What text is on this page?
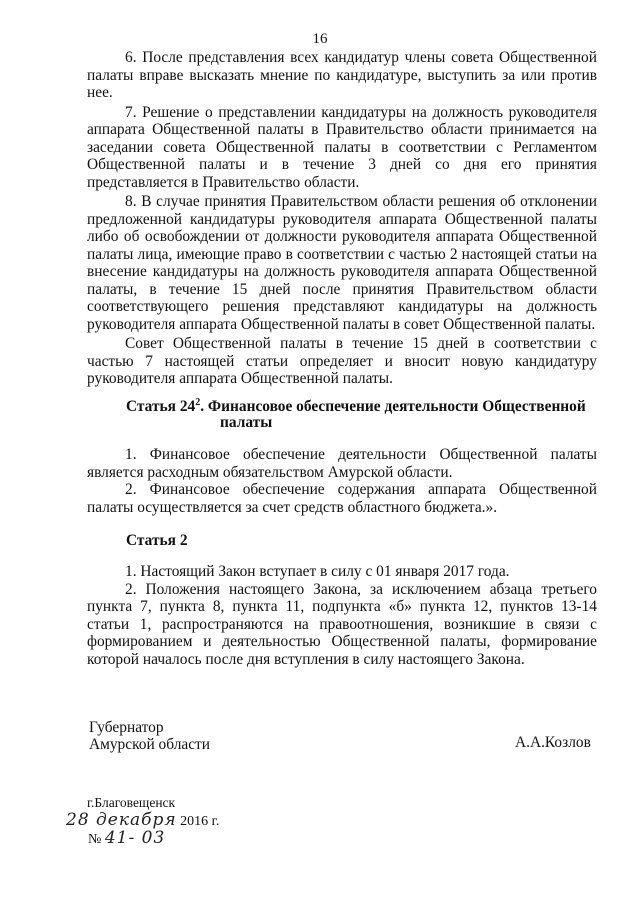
16

6. После представления всех кандидатур члены совета Общественной палаты вправе высказать мнение по кандидатуре, выступить за или против нее.

7. Решение о представлении кандидатуры на должность руководителя аппарата Общественной палаты в Правительство области принимается на заседании совета Общественной палаты в соответствии с Регламентом Общественной палаты и в течение 3 дней со дня его принятия представляется в Правительство области.

8. В случае принятия Правительством области решения об отклонении предложенной кандидатуры руководителя аппарата Общественной палаты либо об освобождении от должности руководителя аппарата Общественной палаты лица, имеющие право в соответствии с частью 2 настоящей статьи на внесение кандидатуры на должность руководителя аппарата Общественной палаты, в течение 15 дней после принятия Правительством области соответствующего решения представляют кандидатуры на должность руководителя аппарата Общественной палаты в совет Общественной палаты.

Совет Общественной палаты в течение 15 дней в соответствии с частью 7 настоящей статьи определяет и вносит новую кандидатуру руководителя аппарата Общественной палаты.

Статья $24^2$. Финансовое обеспечение деятельности Общественной
палаты

1. Финансовое обеспечение деятельности Общественной палаты является расходным обязательством Амурской области.

2. Финансовое обеспечение содержания аппарата Общественной палаты осуществляется за счет средств областного бюджета.».

Статья 2

1. Настоящий Закон вступает в силу с 01 января 2017 года.

2. Положения настоящего Закона, за исключением абзаца третьего пункта 7, пункта 8, пункта 11, подпункта «б» пункта 12, пунктов 13-14 статьи 1, распространяются на правоотношения, возникшие в связи с формированием и деятельностью Общественной палаты, формирование которой началось после дня вступления в силу настоящего Закона.

Губернатор
Амурской области	А.А.Козлов
г.Благовещенск
28 декабря 2016 г.
№ 41- 03
